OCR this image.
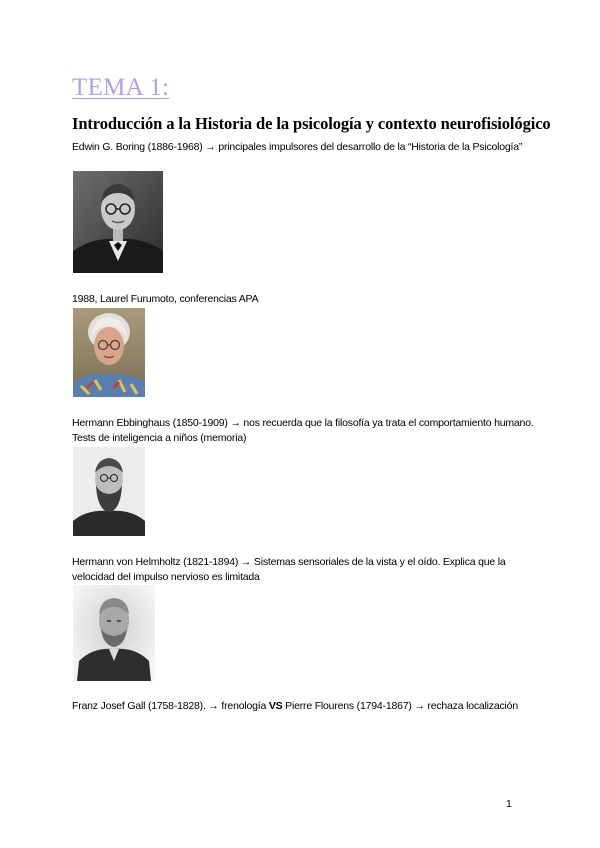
TEMA 1:
Introducción a la Historia de la psicología y contexto neurofisiológico
Edwin G. Boring (1886-1968) → principales impulsores del desarrollo de la “Historia de la Psicología”
1988, Laurel Furumoto, conferencias APA
Hermann Ebbinghaus (1850-1909) → nos recuerda que la filosofía ya trata el comportamiento humano. Tests de inteligencia a niños (memoria)
Hermann von Helmholtz (1821-1894) → Sistemas sensoriales de la vista y el oído. Explica que la velocidad del impulso nervioso es limitada
Franz Josef Gall (1758-1828). → frenología VS Pierre Flourens (1794-1867) → rechaza localización
1
